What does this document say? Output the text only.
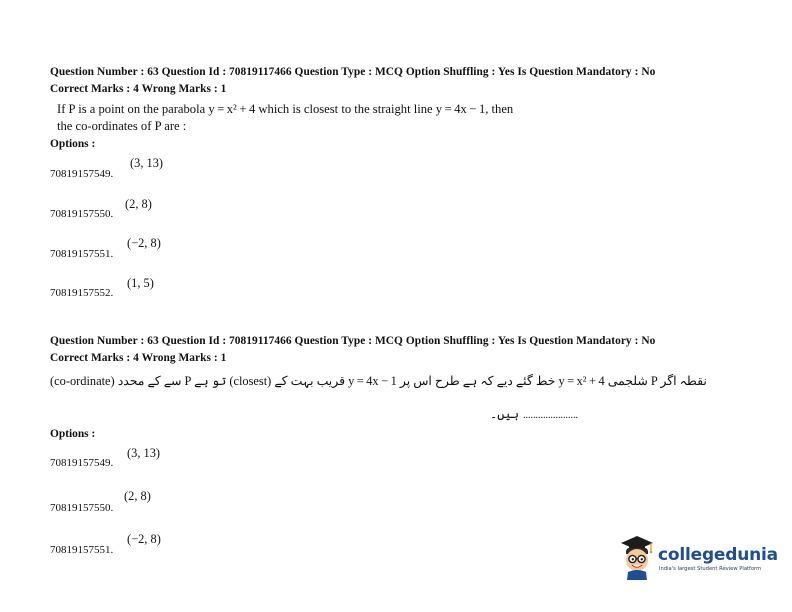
Question Number : 63 Question Id : 70819117466 Question Type : MCQ Option Shuffling : Yes Is Question Mandatory : No
Correct Marks : 4 Wrong Marks : 1
If P is a point on the parabola y = x² + 4 which is closest to the straight line y = 4x − 1, then
the co-ordinates of P are :
Options :
(3, 13)
70819157549.
(2, 8)
70819157550.
(−2, 8)
70819157551.
(1, 5)
70819157552.
Question Number : 63 Question Id : 70819117466 Question Type : MCQ Option Shuffling : Yes Is Question Mandatory : No
Correct Marks : 4 Wrong Marks : 1
(co-ordinate) سے کے محدد P تو ہے (closest) قریب بہت کے y = 4x − 1 خط گئے دیے کہ ہے طرح اس پر y = x² + 4 شلجمی P نقطہ اگر
ہیں۔ ......................
Options :
(3, 13)
70819157549.
(2, 8)
70819157550.
(−2, 8)
70819157551.	collegedunia
India's largest Student Review Platform
